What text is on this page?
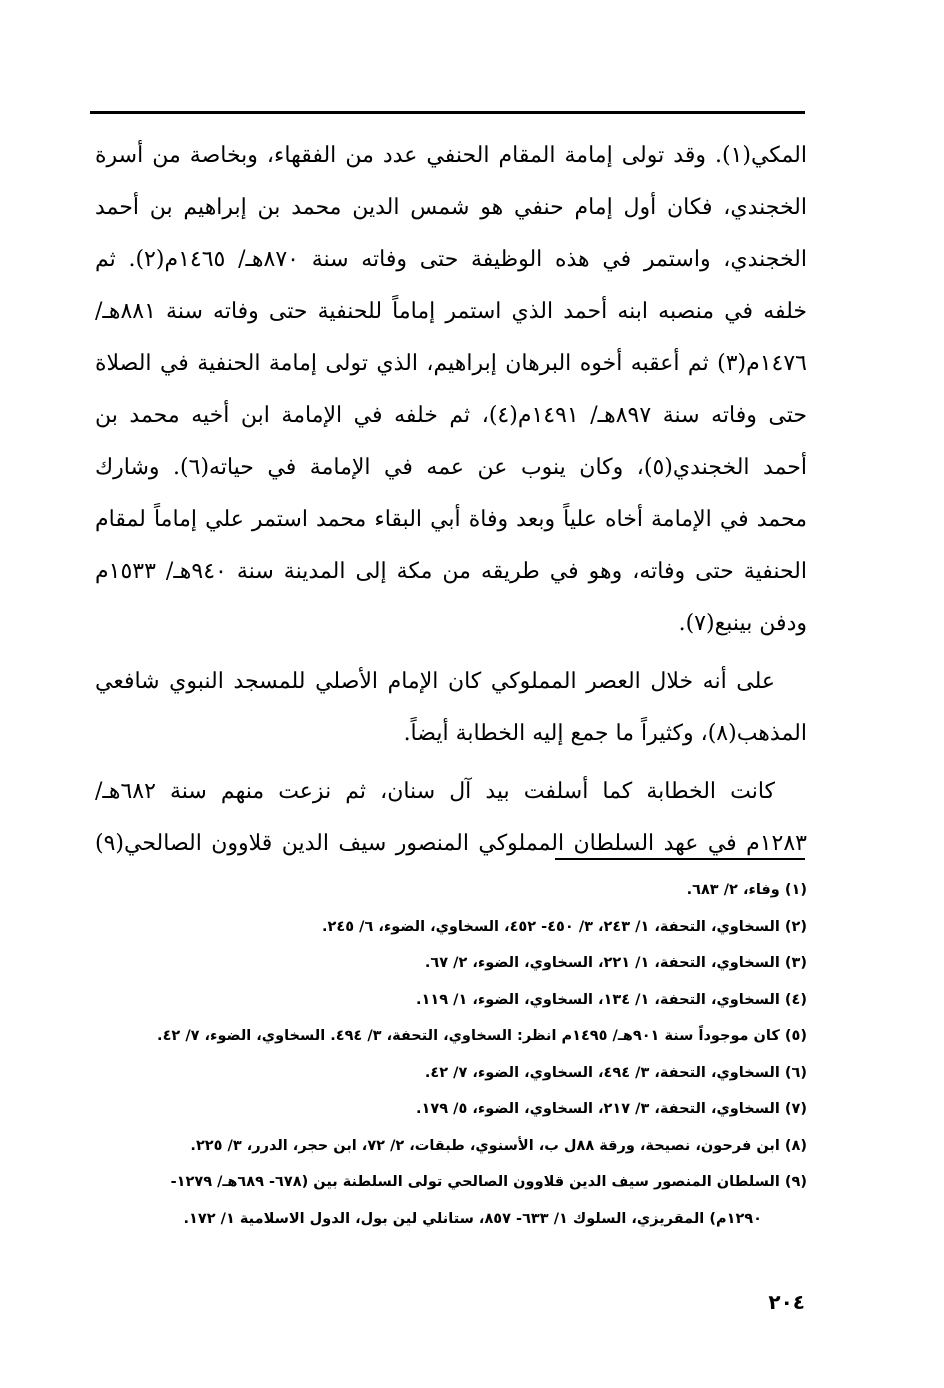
المكي(١). وقد تولى إمامة المقام الحنفي عدد من الفقهاء، وبخاصة من أسرة
الخجندي، فكان أول إمام حنفي هو شمس الدين محمد بن إبراهيم بن أحمد
الخجندي، واستمر في هذه الوظيفة حتى وفاته سنة ٨٧٠هـ/ ١٤٦٥م(٢). ثم
خلفه في منصبه ابنه أحمد الذي استمر إماماً للحنفية حتى وفاته سنة ٨٨١هـ/
١٤٧٦م(٣) ثم أعقبه أخوه البرهان إبراهيم، الذي تولى إمامة الحنفية في الصلاة
حتى وفاته سنة ٨٩٧هـ/ ١٤٩١م(٤)، ثم خلفه في الإمامة ابن أخيه محمد بن
أحمد الخجندي(٥)، وكان ينوب عن عمه في الإمامة في حياته(٦). وشارك
محمد في الإمامة أخاه علياً وبعد وفاة أبي البقاء محمد استمر علي إماماً لمقام
الحنفية حتى وفاته، وهو في طريقه من مكة إلى المدينة سنة ٩٤٠هـ/ ١٥٣٣م
ودفن بينبع(٧).
على أنه خلال العصر المملوكي كان الإمام الأصلي للمسجد النبوي شافعي
المذهب(٨)، وكثيراً ما جمع إليه الخطابة أيضاً.
كانت الخطابة كما أسلفت بيد آل سنان، ثم نزعت منهم سنة ٦٨٢هـ/
١٢٨٣م في عهد السلطان المملوكي المنصور سيف الدين قلاوون الصالحي(٩)
(١) وفاء، ٢/ ٦٨٣.
(٢) السخاوي، التحفة، ١/ ٢٤٣، ٣/ ٤٥٠- ٤٥٢، السخاوي، الضوء، ٦/ ٢٤٥.
(٣) السخاوي، التحفة، ١/ ٢٢١، السخاوي، الضوء، ٢/ ٦٧.
(٤) السخاوي، التحفة، ١/ ١٣٤، السخاوي، الضوء، ١/ ١١٩.
(٥) كان موجوداً سنة ٩٠١هـ/ ١٤٩٥م انظر: السخاوي، التحفة، ٣/ ٤٩٤. السخاوي، الضوء، ٧/ ٤٢.
(٦) السخاوي، التحفة، ٣/ ٤٩٤، السخاوي، الضوء، ٧/ ٤٢.
(٧) السخاوي، التحفة، ٣/ ٢١٧، السخاوي، الضوء، ٥/ ١٧٩.
(٨) ابن فرحون، نصيحة، ورقة ٨٨ل ب، الأسنوي، طبقات، ٢/ ٧٢، ابن حجر، الدرر، ٣/ ٢٢٥.
(٩) السلطان المنصور سيف الدين قلاوون الصالحي تولى السلطنة بين (٦٧٨- ٦٨٩هـ/ ١٢٧٩-
١٢٩٠م) المقريزي، السلوك ١/ ٦٣٣- ٨٥٧، ستانلي لين بول، الدول الاسلامية ١/ ١٧٢.
٢٠٤
